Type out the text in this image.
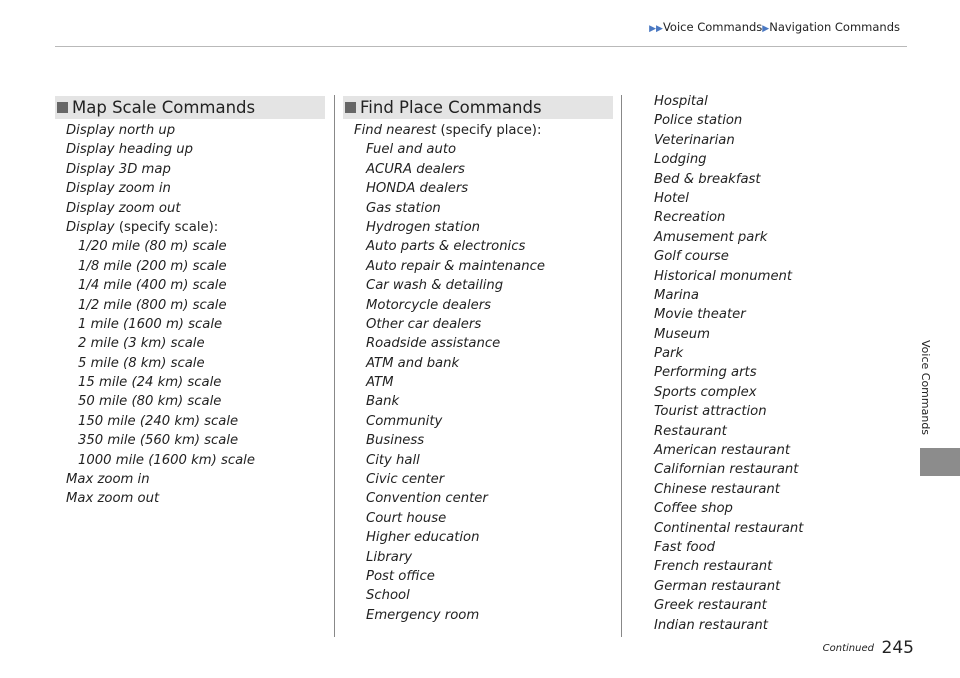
▶▶Voice Commands▶Navigation Commands
Voice Commands
Map Scale Commands
Display north up
Display heading up
Display 3D map
Display zoom in
Display zoom out
Display (specify scale):
1/20 mile (80 m) scale
1/8 mile (200 m) scale
1/4 mile (400 m) scale
1/2 mile (800 m) scale
1 mile (1600 m) scale
2 mile (3 km) scale
5 mile (8 km) scale
15 mile (24 km) scale
50 mile (80 km) scale
150 mile (240 km) scale
350 mile (560 km) scale
1000 mile (1600 km) scale
Max zoom in
Max zoom out
Find Place Commands
Find nearest (specify place):
Fuel and auto
ACURA dealers
HONDA dealers
Gas station
Hydrogen station
Auto parts & electronics
Auto repair & maintenance
Car wash & detailing
Motorcycle dealers
Other car dealers
Roadside assistance
ATM and bank
ATM
Bank
Community
Business
City hall
Civic center
Convention center
Court house
Higher education
Library
Post office
School
Emergency room
Hospital
Police station
Veterinarian
Lodging
Bed & breakfast
Hotel
Recreation
Amusement park
Golf course
Historical monument
Marina
Movie theater
Museum
Park
Performing arts
Sports complex
Tourist attraction
Restaurant
American restaurant
Californian restaurant
Chinese restaurant
Coffee shop
Continental restaurant
Fast food
French restaurant
German restaurant
Greek restaurant
Indian restaurant
Continued 245
